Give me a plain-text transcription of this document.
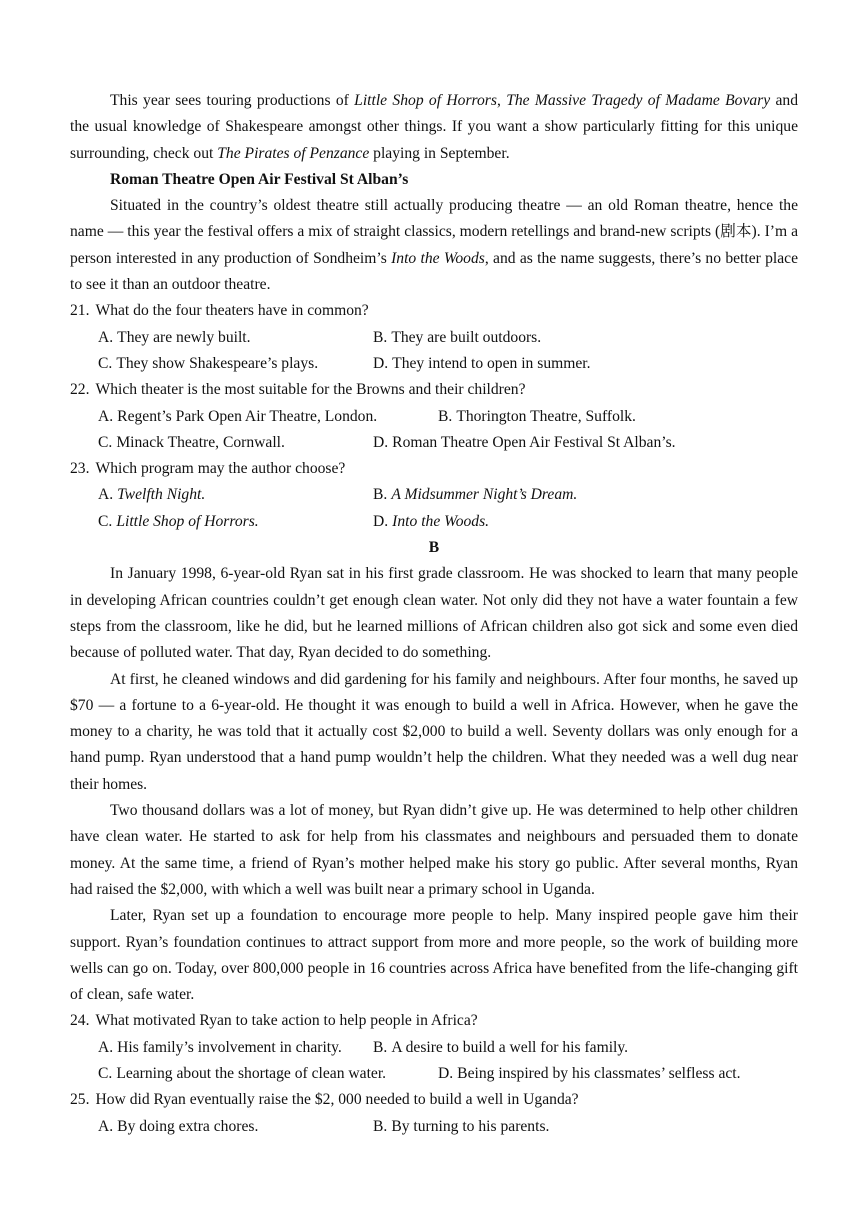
This year sees touring productions of Little Shop of Horrors, The Massive Tragedy of Madame Bovary and the usual knowledge of Shakespeare amongst other things. If you want a show particularly fitting for this unique surrounding, check out The Pirates of Penzance playing in September.

Roman Theatre Open Air Festival St Alban’s

Situated in the country’s oldest theatre still actually producing theatre — an old Roman theatre, hence the name — this year the festival offers a mix of straight classics, modern retellings and brand-new scripts (剧本). I’m a person interested in any production of Sondheim’s Into the Woods, and as the name suggests, there’s no better place to see it than an outdoor theatre.

21. What do the four theaters have in common?

A. They are newly built.	B. They are built outdoors.
C. They show Shakespeare’s plays.	D. They intend to open in summer.

22. Which theater is the most suitable for the Browns and their children?

A. Regent’s Park Open Air Theatre, London.	B. Thorington Theatre, Suffolk.
C. Minack Theatre, Cornwall.	D. Roman Theatre Open Air Festival St Alban’s.

23. Which program may the author choose?

A. Twelfth Night.	B. A Midsummer Night’s Dream.
C. Little Shop of Horrors.	D. Into the Woods.

B

In January 1998, 6-year-old Ryan sat in his first grade classroom. He was shocked to learn that many people in developing African countries couldn’t get enough clean water. Not only did they not have a water fountain a few steps from the classroom, like he did, but he learned millions of African children also got sick and some even died because of polluted water. That day, Ryan decided to do something.

At first, he cleaned windows and did gardening for his family and neighbours. After four months, he saved up $70 — a fortune to a 6-year-old. He thought it was enough to build a well in Africa. However, when he gave the money to a charity, he was told that it actually cost $2,000 to build a well. Seventy dollars was only enough for a hand pump. Ryan understood that a hand pump wouldn’t help the children. What they needed was a well dug near their homes.

Two thousand dollars was a lot of money, but Ryan didn’t give up. He was determined to help other children have clean water. He started to ask for help from his classmates and neighbours and persuaded them to donate money. At the same time, a friend of Ryan’s mother helped make his story go public. After several months, Ryan had raised the $2,000, with which a well was built near a primary school in Uganda.

Later, Ryan set up a foundation to encourage more people to help. Many inspired people gave him their support. Ryan’s foundation continues to attract support from more and more people, so the work of building more wells can go on. Today, over 800,000 people in 16 countries across Africa have benefited from the life-changing gift of clean, safe water.

24. What motivated Ryan to take action to help people in Africa?

A. His family’s involvement in charity.	B. A desire to build a well for his family.
C. Learning about the shortage of clean water.	D. Being inspired by his classmates’ selfless act.

25. How did Ryan eventually raise the $2, 000 needed to build a well in Uganda?

A. By doing extra chores.	B. By turning to his parents.
